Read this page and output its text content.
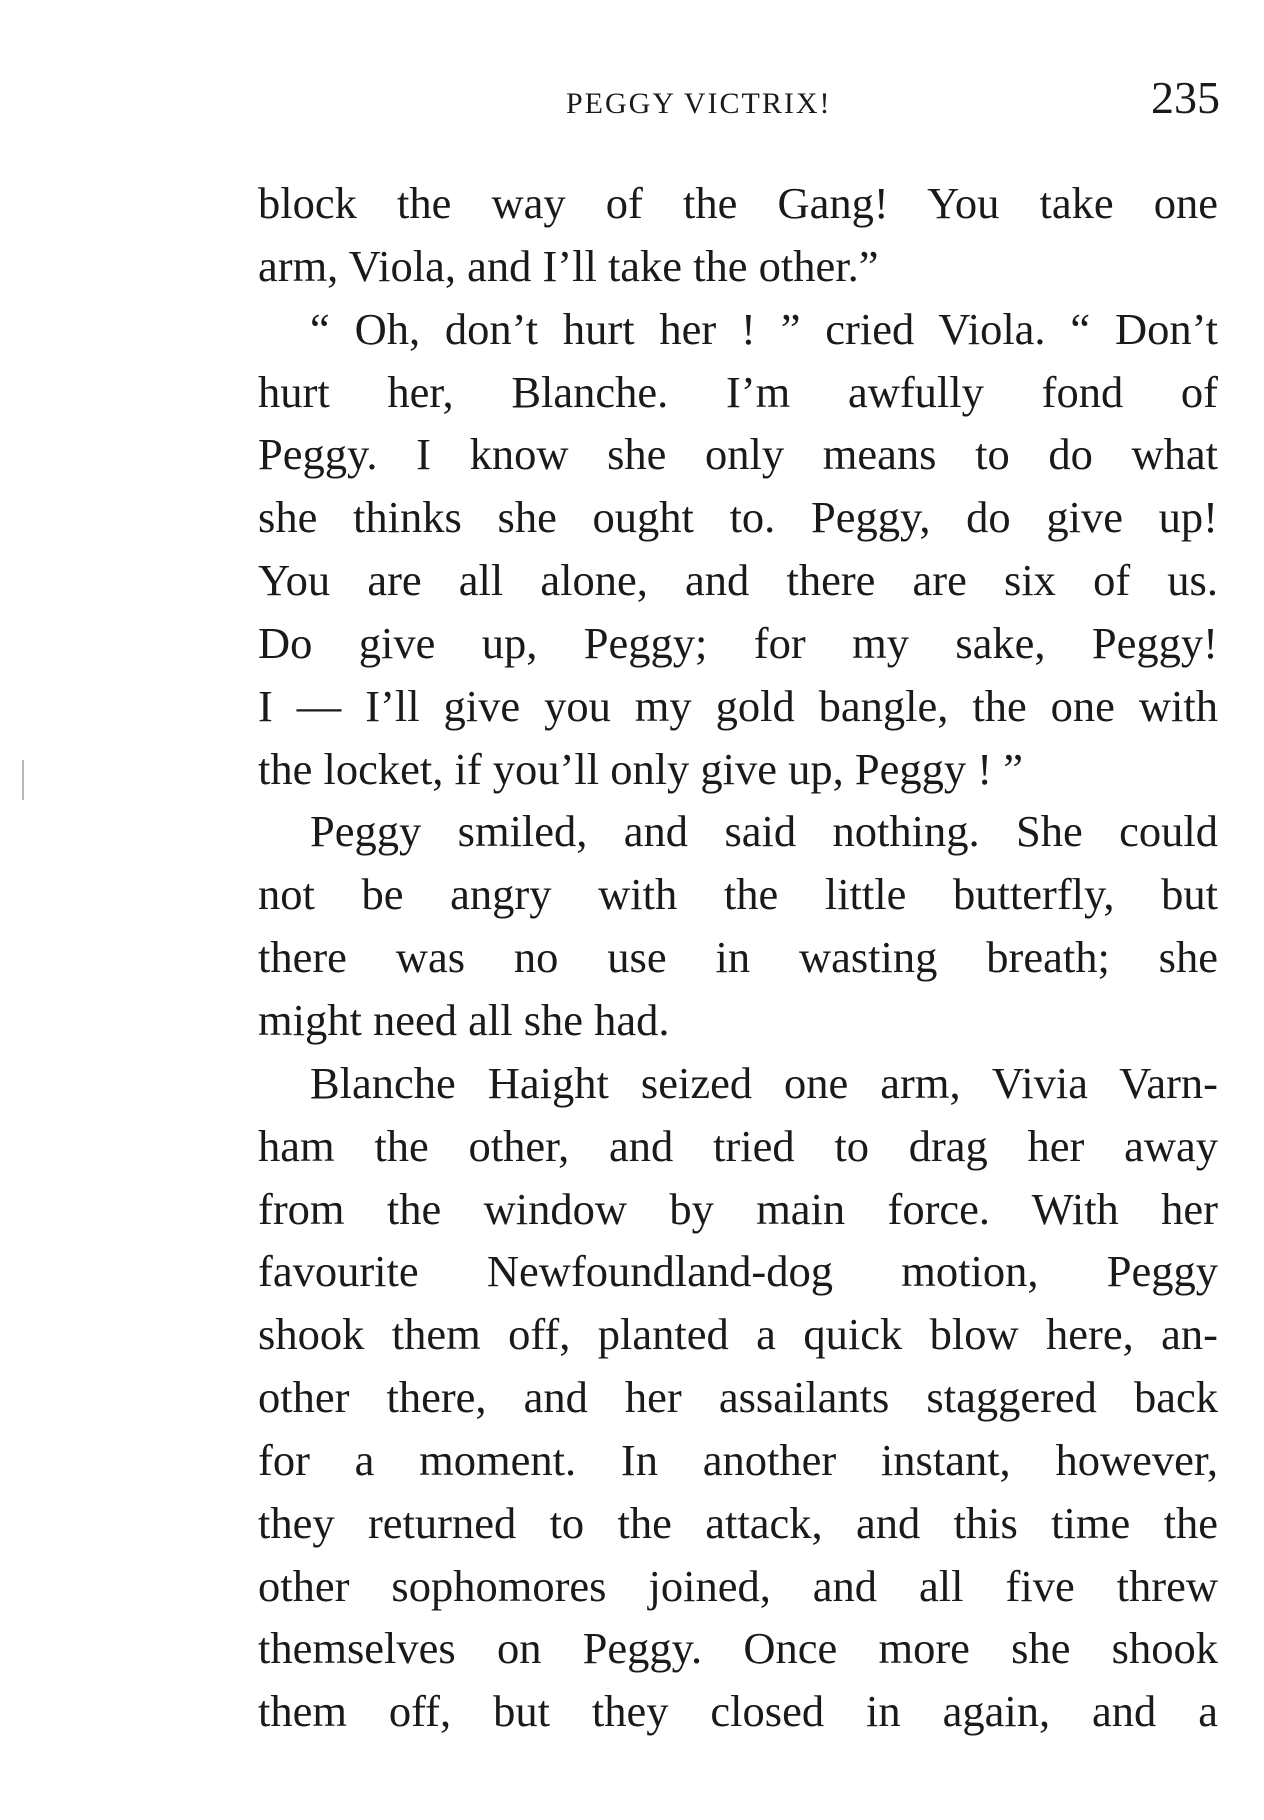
PEGGY VICTRIX!	235
block the way of the Gang! You take one
arm, Viola, and I’ll take the other.”
“ Oh, don’t hurt her ! ” cried Viola. “ Don’t
hurt her, Blanche. I’m awfully fond of
Peggy. I know she only means to do what
she thinks she ought to. Peggy, do give up!
You are all alone, and there are six of us.
Do give up, Peggy; for my sake, Peggy!
I — I’ll give you my gold bangle, the one with
the locket, if you’ll only give up, Peggy ! ”
Peggy smiled, and said nothing. She could
not be angry with the little butterfly, but
there was no use in wasting breath; she
might need all she had.
Blanche Haight seized one arm, Vivia Varn-
ham the other, and tried to drag her away
from the window by main force. With her
favourite Newfoundland-dog motion, Peggy
shook them off, planted a quick blow here, an-
other there, and her assailants staggered back
for a moment. In another instant, however,
they returned to the attack, and this time the
other sophomores joined, and all five threw
themselves on Peggy. Once more she shook
them off, but they closed in again, and a
